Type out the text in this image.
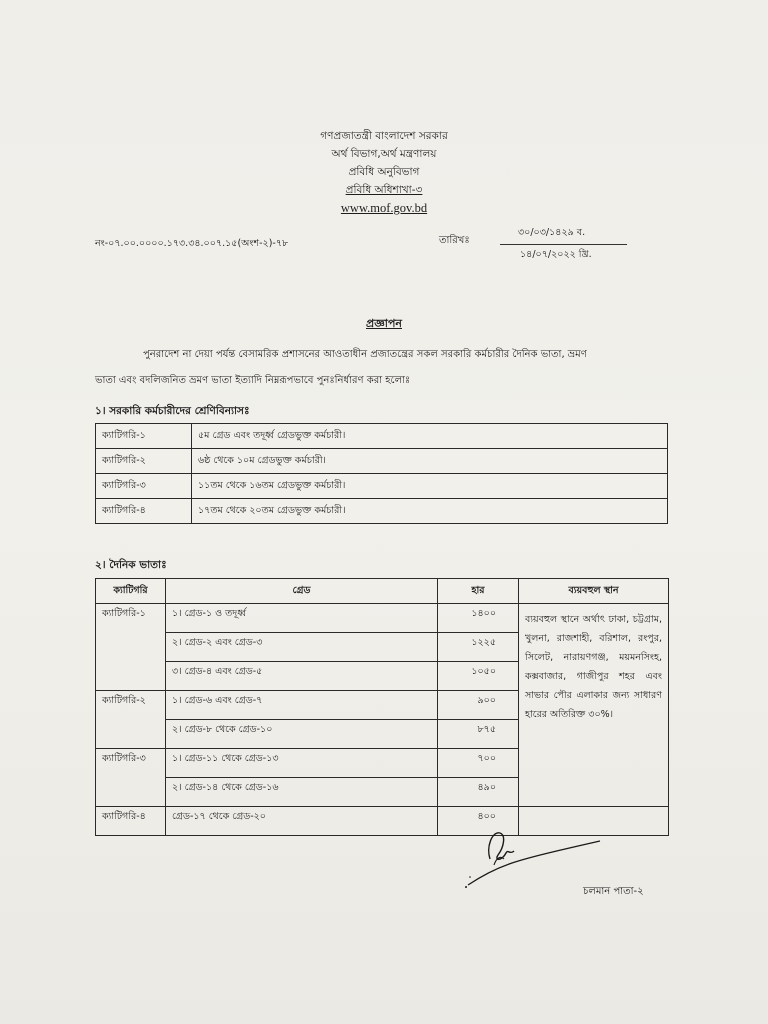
গণপ্রজাতন্ত্রী বাংলাদেশ সরকার
অর্থ বিভাগ,অর্থ মন্ত্রণালয়
প্রবিধি অনুবিভাগ
প্রবিধি অধিশাখা-৩
www.mof.gov.bd
নং-০৭.০০.০০০০.১৭৩.৩৪.০০৭.১৫(অংশ-২)-৭৮	তারিখঃ
৩০/০৩/১৪২৯ ব.
১৪/০৭/২০২২ খ্রি.
প্রজ্ঞাপন
পুনরাদেশ না দেয়া পর্যন্ত বেসামরিক প্রশাসনের আওতাধীন প্রজাতন্ত্রের সকল সরকারি কর্মচারীর দৈনিক ভাতা, ভ্রমণ
ভাতা এবং বদলিজনিত ভ্রমণ ভাতা ইত্যাদি নিম্নরূপভাবে পুনঃনির্ধারণ করা হলোঃ
১। সরকারি কর্মচারীদের শ্রেণিবিন্যাসঃ
ক্যাটিগরি-১	৫ম গ্রেড এবং তদূর্ধ্ব গ্রেডভুক্ত কর্মচারী।
ক্যাটিগরি-২	৬ষ্ঠ থেকে ১০ম গ্রেডভুক্ত কর্মচারী।
ক্যাটিগরি-৩	১১তম থেকে ১৬তম গ্রেডভুক্ত কর্মচারী।
ক্যাটিগরি-৪	১৭তম থেকে ২০তম গ্রেডভুক্ত কর্মচারী।
২। দৈনিক ভাতাঃ
ক্যাটিগরি	গ্রেড	হার	ব্যয়বহুল স্থান
ক্যাটিগরি-১	১। গ্রেড-১ ও তদূর্ধ্ব	১৪০০	ব্যয়বহুল স্থানে অর্থাৎ ঢাকা, চট্টগ্রাম, খুলনা, রাজশাহী, বরিশাল, রংপুর, সিলেট, নারায়ণগঞ্জ, ময়মনসিংহ, কক্সবাজার, গাজীপুর শহর এবং সাভার পৌর এলাকার জন্য সাধারণ হারের অতিরিক্ত ৩০%।
	২। গ্রেড-২ এবং গ্রেড-৩	১২২৫	
	৩। গ্রেড-৪ এবং গ্রেড-৫	১০৫০	
ক্যাটিগরি-২	১। গ্রেড-৬ এবং গ্রেড-৭	৯০০	
	২। গ্রেড-৮ থেকে গ্রেড-১০	৮৭৫	
ক্যাটিগরি-৩	১। গ্রেড-১১ থেকে গ্রেড-১৩	৭০০	
	২। গ্রেড-১৪ থেকে গ্রেড-১৬	৪৯০	
ক্যাটিগরি-৪	গ্রেড-১৭ থেকে গ্রেড-২০	৪০০	
চলমান পাতা-২
